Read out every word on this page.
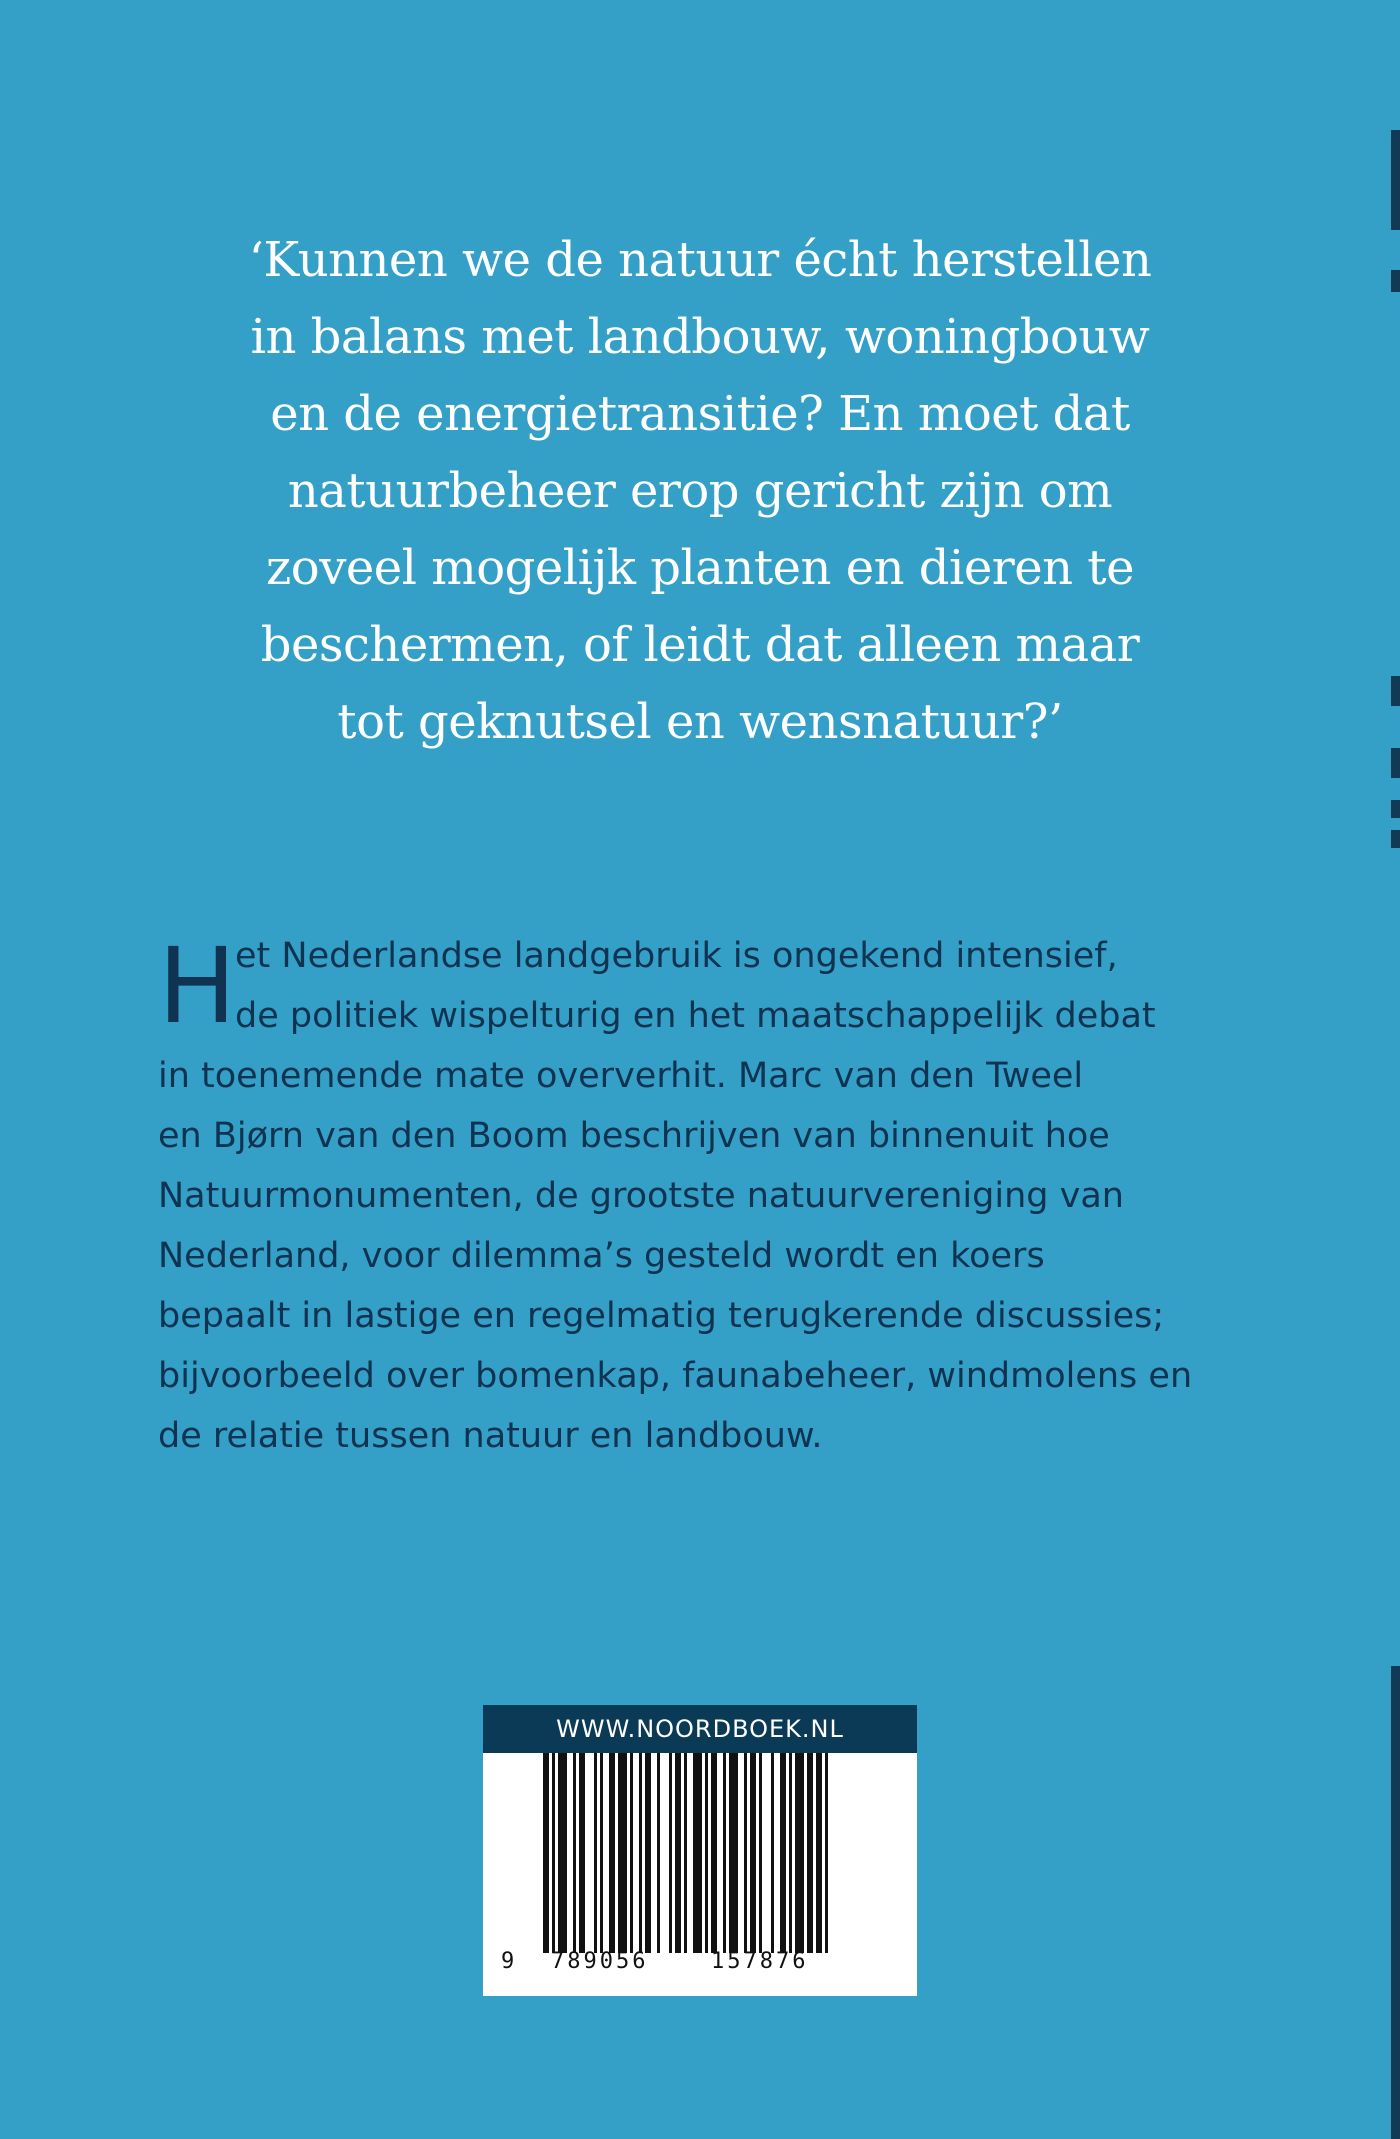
‘Kunnen we de natuur écht herstellen
in balans met landbouw, woningbouw
en de energietransitie? En moet dat
natuurbeheer erop gericht zijn om
zoveel mogelijk planten en dieren te
beschermen, of leidt dat alleen maar
tot geknutsel en wensnatuur?’
H
et Nederlandse landgebruik is ongekend intensief,
de politiek wispelturig en het maatschappelijk debat
in toenemende mate oververhit. Marc van den Tweel
en Bjørn van den Boom beschrijven van binnenuit hoe
Natuurmonumenten, de grootste natuurvereniging van
Nederland, voor dilemma’s gesteld wordt en koers
bepaalt in lastige en regelmatig terugkerende discussies;
bijvoorbeeld over bomenkap, faunabeheer, windmolens en
de relatie tussen natuur en landbouw.
WWW.NOORDBOEK.NL
9 789056	157876
